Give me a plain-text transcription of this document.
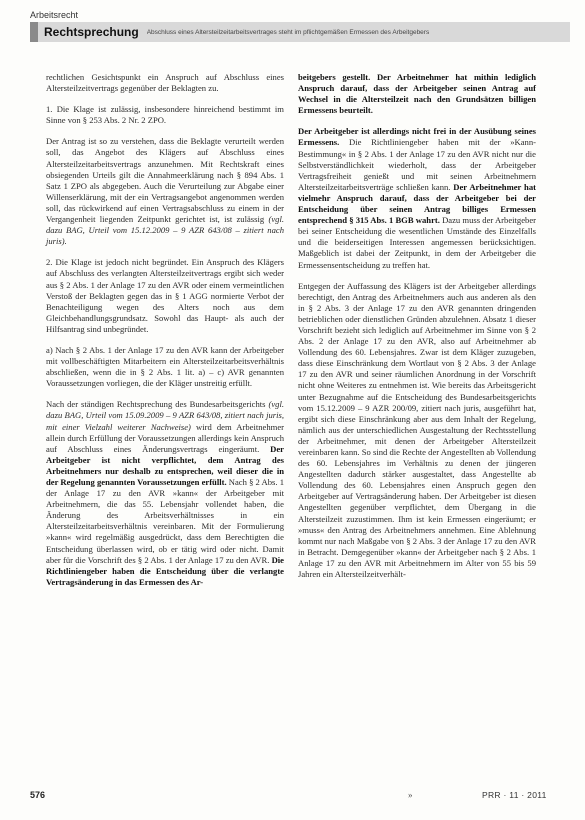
Arbeitsrecht
Rechtsprechung Abschluss eines Altersteilzeitarbeitsvertrages steht im pflichtgemäßen Ermessen des Arbeitgebers

rechtlichen Gesichtspunkt ein Anspruch auf Abschluss eines Altersteilzeitvertrags gegenüber der Beklagten zu.

1. Die Klage ist zulässig, insbesondere hinreichend bestimmt im Sinne von § 253 Abs. 2 Nr. 2 ZPO.

Der Antrag ist so zu verstehen, dass die Beklagte verurteilt werden soll, das Angebot des Klägers auf Abschluss eines Altersteilzeitarbeitsvertrags anzunehmen. Mit Rechtskraft eines obsiegenden Urteils gilt die Annahmeerklärung nach § 894 Abs. 1 Satz 1 ZPO als abgegeben. Auch die Verurteilung zur Abgabe einer Willenserklärung, mit der ein Vertragsangebot angenommen werden soll, das rückwirkend auf einen Vertragsabschluss zu einem in der Vergangenheit liegenden Zeitpunkt gerichtet ist, ist zulässig (vgl. dazu BAG, Urteil vom 15.12.2009 – 9 AZR 643/08 – zitiert nach juris).

2. Die Klage ist jedoch nicht begründet. Ein Anspruch des Klägers auf Abschluss des verlangten Altersteilzeitvertrags ergibt sich weder aus § 2 Abs. 1 der Anlage 17 zu den AVR oder einem vermeintlichen Verstoß der Beklagten gegen das in § 1 AGG normierte Verbot der Benachteiligung wegen des Alters noch aus dem Gleichbehandlungsgrundsatz. Sowohl das Haupt- als auch der Hilfsantrag sind unbegründet.

a) Nach § 2 Abs. 1 der Anlage 17 zu den AVR kann der Arbeitgeber mit vollbeschäftigten Mitarbeitern ein Altersteilzeitarbeitsverhältnis abschließen, wenn die in § 2 Abs. 1 lit. a) – c) AVR genannten Voraussetzungen vorliegen, die der Kläger unstreitig erfüllt.

Nach der ständigen Rechtsprechung des Bundesarbeitsgerichts (vgl. dazu BAG, Urteil vom 15.09.2009 – 9 AZR 643/08, zitiert nach juris, mit einer Vielzahl weiterer Nachweise) wird dem Arbeitnehmer allein durch Erfüllung der Voraussetzungen allerdings kein Anspruch auf Abschluss eines Änderungsvertrags eingeräumt. Der Arbeitgeber ist nicht verpflichtet, dem Antrag des Arbeitnehmers nur deshalb zu entsprechen, weil dieser die in der Regelung genannten Voraussetzungen erfüllt. Nach § 2 Abs. 1 der Anlage 17 zu den AVR »kann« der Arbeitgeber mit Arbeitnehmern, die das 55. Lebensjahr vollendet haben, die Änderung des Arbeitsverhältnisses in ein Altersteilzeitarbeitsverhältnis vereinbaren. Mit der Formulierung »kann« wird regelmäßig ausgedrückt, dass dem Berechtigten die Entscheidung überlassen wird, ob er tätig wird oder nicht. Damit aber für die Vorschrift des § 2 Abs. 1 der Anlage 17 zu den AVR. Die Richtliniengeber haben die Entscheidung über die verlangte Vertragsänderung in das Ermessen des Ar-

beitgebers gestellt. Der Arbeitnehmer hat mithin lediglich Anspruch darauf, dass der Arbeitgeber seinen Antrag auf Wechsel in die Altersteilzeit nach den Grundsätzen billigen Ermessens beurteilt.

Der Arbeitgeber ist allerdings nicht frei in der Ausübung seines Ermessens. Die Richtliniengeber haben mit der »Kann-Bestimmung« in § 2 Abs. 1 der Anlage 17 zu den AVR nicht nur die Selbstverständlichkeit wiederholt, dass der Arbeitgeber Vertragsfreiheit genießt und mit seinen Arbeitnehmern Altersteilzeitarbeitsverträge schließen kann. Der Arbeitnehmer hat vielmehr Anspruch darauf, dass der Arbeitgeber bei der Entscheidung über seinen Antrag billiges Ermessen entsprechend § 315 Abs. 1 BGB wahrt. Dazu muss der Arbeitgeber bei seiner Entscheidung die wesentlichen Umstände des Einzelfalls und die beiderseitigen Interessen angemessen berücksichtigen. Maßgeblich ist dabei der Zeitpunkt, in dem der Arbeitgeber die Ermessensentscheidung zu treffen hat.

Entgegen der Auffassung des Klägers ist der Arbeitgeber allerdings berechtigt, den Antrag des Arbeitnehmers auch aus anderen als den in § 2 Abs. 3 der Anlage 17 zu den AVR genannten dringenden betrieblichen oder dienstlichen Gründen abzulehnen. Absatz 1 dieser Vorschrift bezieht sich lediglich auf Arbeitnehmer im Sinne von § 2 Abs. 2 der Anlage 17 zu den AVR, also auf Arbeitnehmer ab Vollendung des 60. Lebensjahres. Zwar ist dem Kläger zuzugeben, dass diese Einschränkung dem Wortlaut von § 2 Abs. 3 der Anlage 17 zu den AVR und seiner räumlichen Anordnung in der Vorschrift nicht ohne Weiteres zu entnehmen ist. Wie bereits das Arbeitsgericht unter Bezugnahme auf die Entscheidung des Bundesarbeitsgerichts vom 15.12.2009 – 9 AZR 200/09, zitiert nach juris, ausgeführt hat, ergibt sich diese Einschränkung aber aus dem Inhalt der Regelung, nämlich aus der unterschiedlichen Ausgestaltung der Rechtsstellung der Arbeitnehmer, mit denen der Arbeitgeber Altersteilzeit vereinbaren kann. So sind die Rechte der Angestellten ab Vollendung des 60. Lebensjahres im Verhältnis zu denen der jüngeren Angestellten dadurch stärker ausgestaltet, dass Angestellte ab Vollendung des 60. Lebensjahres einen Anspruch gegen den Arbeitgeber auf Vertragsänderung haben. Der Arbeitgeber ist diesen Angestellten gegenüber verpflichtet, dem Übergang in die Altersteilzeit zuzustimmen. Ihm ist kein Ermessen eingeräumt; er »muss« den Antrag des Arbeitnehmers annehmen. Eine Ablehnung kommt nur nach Maßgabe von § 2 Abs. 3 der Anlage 17 zu den AVR in Betracht. Demgegenüber »kann« der Arbeitgeber nach § 2 Abs. 1 Anlage 17 zu den AVR mit Arbeitnehmern im Alter von 55 bis 59 Jahren ein Altersteilzeitverhält-

576	»	PRR · 11 · 2011
